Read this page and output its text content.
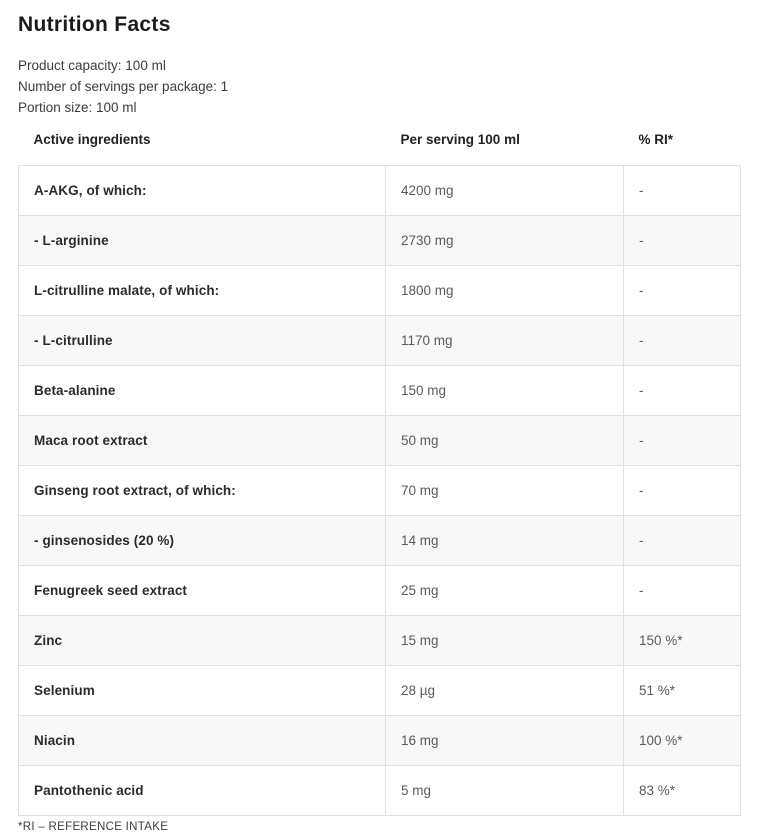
Nutrition Facts

Product capacity: 100 ml

Number of servings per package: 1

Portion size: 100 ml

Active ingredients	Per serving 100 ml	% RI*
A-AKG, of which:	4200 mg	-
- L-arginine	2730 mg	-
L-citrulline malate, of which:	1800 mg	-
- L-citrulline	1170 mg	-
Beta-alanine	150 mg	-
Maca root extract	50 mg	-
Ginseng root extract, of which:	70 mg	-
- ginsenosides (20 %)	14 mg	-
Fenugreek seed extract	25 mg	-
Zinc	15 mg	150 %*
Selenium	28 µg	51 %*
Niacin	16 mg	100 %*
Pantothenic acid	5 mg	83 %*

*RI – REFERENCE INTAKE
